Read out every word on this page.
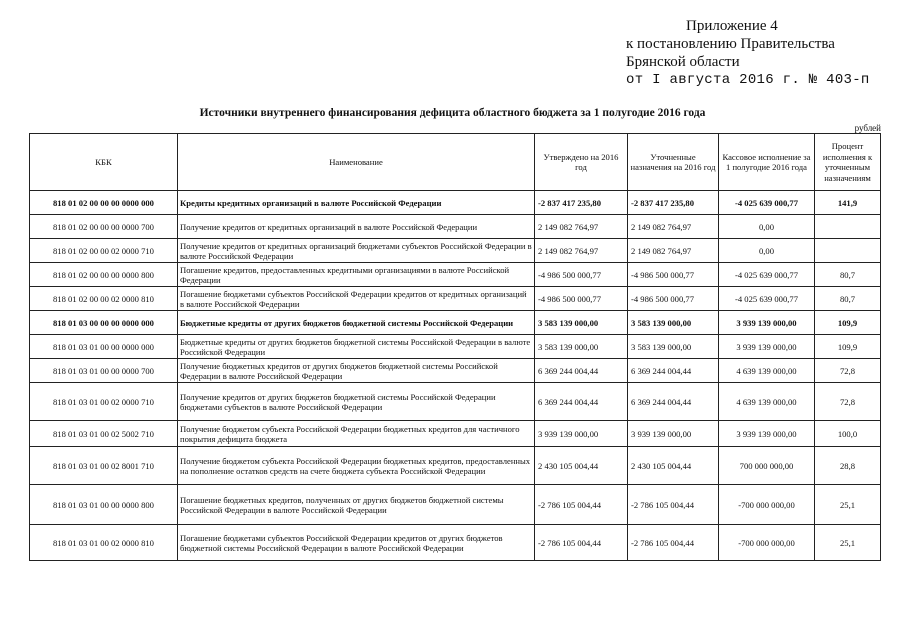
Приложение 4
к постановлению Правительства
Брянской области
от I августа 2016 г. № 403-п
Источники внутреннего финансирования дефицита областного бюджета за 1 полугодие 2016 года
рублей
КБК	Наименование	Утверждено на 2016 год	Уточненные назначения на 2016 год	Кассовое исполнение за 1 полугодие 2016 года	Процент исполнения к уточненным назначениям
818 01 02 00 00 00 0000 000	Кредиты кредитных организаций в валюте Российской Федерации	-2 837 417 235,80	-2 837 417 235,80	-4 025 639 000,77	141,9
818 01 02 00 00 00 0000 700	Получение кредитов от кредитных организаций в валюте Российской Федерации	2 149 082 764,97	2 149 082 764,97	0,00	
818 01 02 00 00 02 0000 710	Получение кредитов от кредитных организаций бюджетами субъектов Российской Федерации в валюте Российской Федерации	2 149 082 764,97	2 149 082 764,97	0,00	
818 01 02 00 00 00 0000 800	Погашение кредитов, предоставленных кредитными организациями в валюте Российской Федерации	-4 986 500 000,77	-4 986 500 000,77	-4 025 639 000,77	80,7
818 01 02 00 00 02 0000 810	Погашение бюджетами субъектов Российской Федерации кредитов от кредитных организаций в валюте Российской Федерации	-4 986 500 000,77	-4 986 500 000,77	-4 025 639 000,77	80,7
818 01 03 00 00 00 0000 000	Бюджетные кредиты от других бюджетов бюджетной системы Российской Федерации	3 583 139 000,00	3 583 139 000,00	3 939 139 000,00	109,9
818 01 03 01 00 00 0000 000	Бюджетные кредиты от других бюджетов бюджетной системы Российской Федерации в валюте Российской Федерации	3 583 139 000,00	3 583 139 000,00	3 939 139 000,00	109,9
818 01 03 01 00 00 0000 700	Получение бюджетных кредитов от других бюджетов бюджетной системы Российской Федерации в валюте Российской Федерации	6 369 244 004,44	6 369 244 004,44	4 639 139 000,00	72,8
818 01 03 01 00 02 0000 710	Получение кредитов от других бюджетов бюджетной системы Российской Федерации бюджетами субъектов в валюте Российской Федерации	6 369 244 004,44	6 369 244 004,44	4 639 139 000,00	72,8
818 01 03 01 00 02 5002 710	Получение бюджетом субъекта Российской Федерации бюджетных кредитов для частичного покрытия дефицита бюджета	3 939 139 000,00	3 939 139 000,00	3 939 139 000,00	100,0
818 01 03 01 00 02 8001 710	Получение бюджетом субъекта Российской Федерации бюджетных кредитов, предоставленных на пополнение остатков средств на счете бюджета субъекта Российской Федерации	2 430 105 004,44	2 430 105 004,44	700 000 000,00	28,8
818 01 03 01 00 00 0000 800	Погашение бюджетных кредитов, полученных от других бюджетов бюджетной системы Российской Федерации в валюте Российской Федерации	-2 786 105 004,44	-2 786 105 004,44	-700 000 000,00	25,1
818 01 03 01 00 02 0000 810	Погашение бюджетами субъектов Российской Федерации кредитов от других бюджетов бюджетной системы Российской Федерации в валюте Российской Федерации	-2 786 105 004,44	-2 786 105 004,44	-700 000 000,00	25,1
